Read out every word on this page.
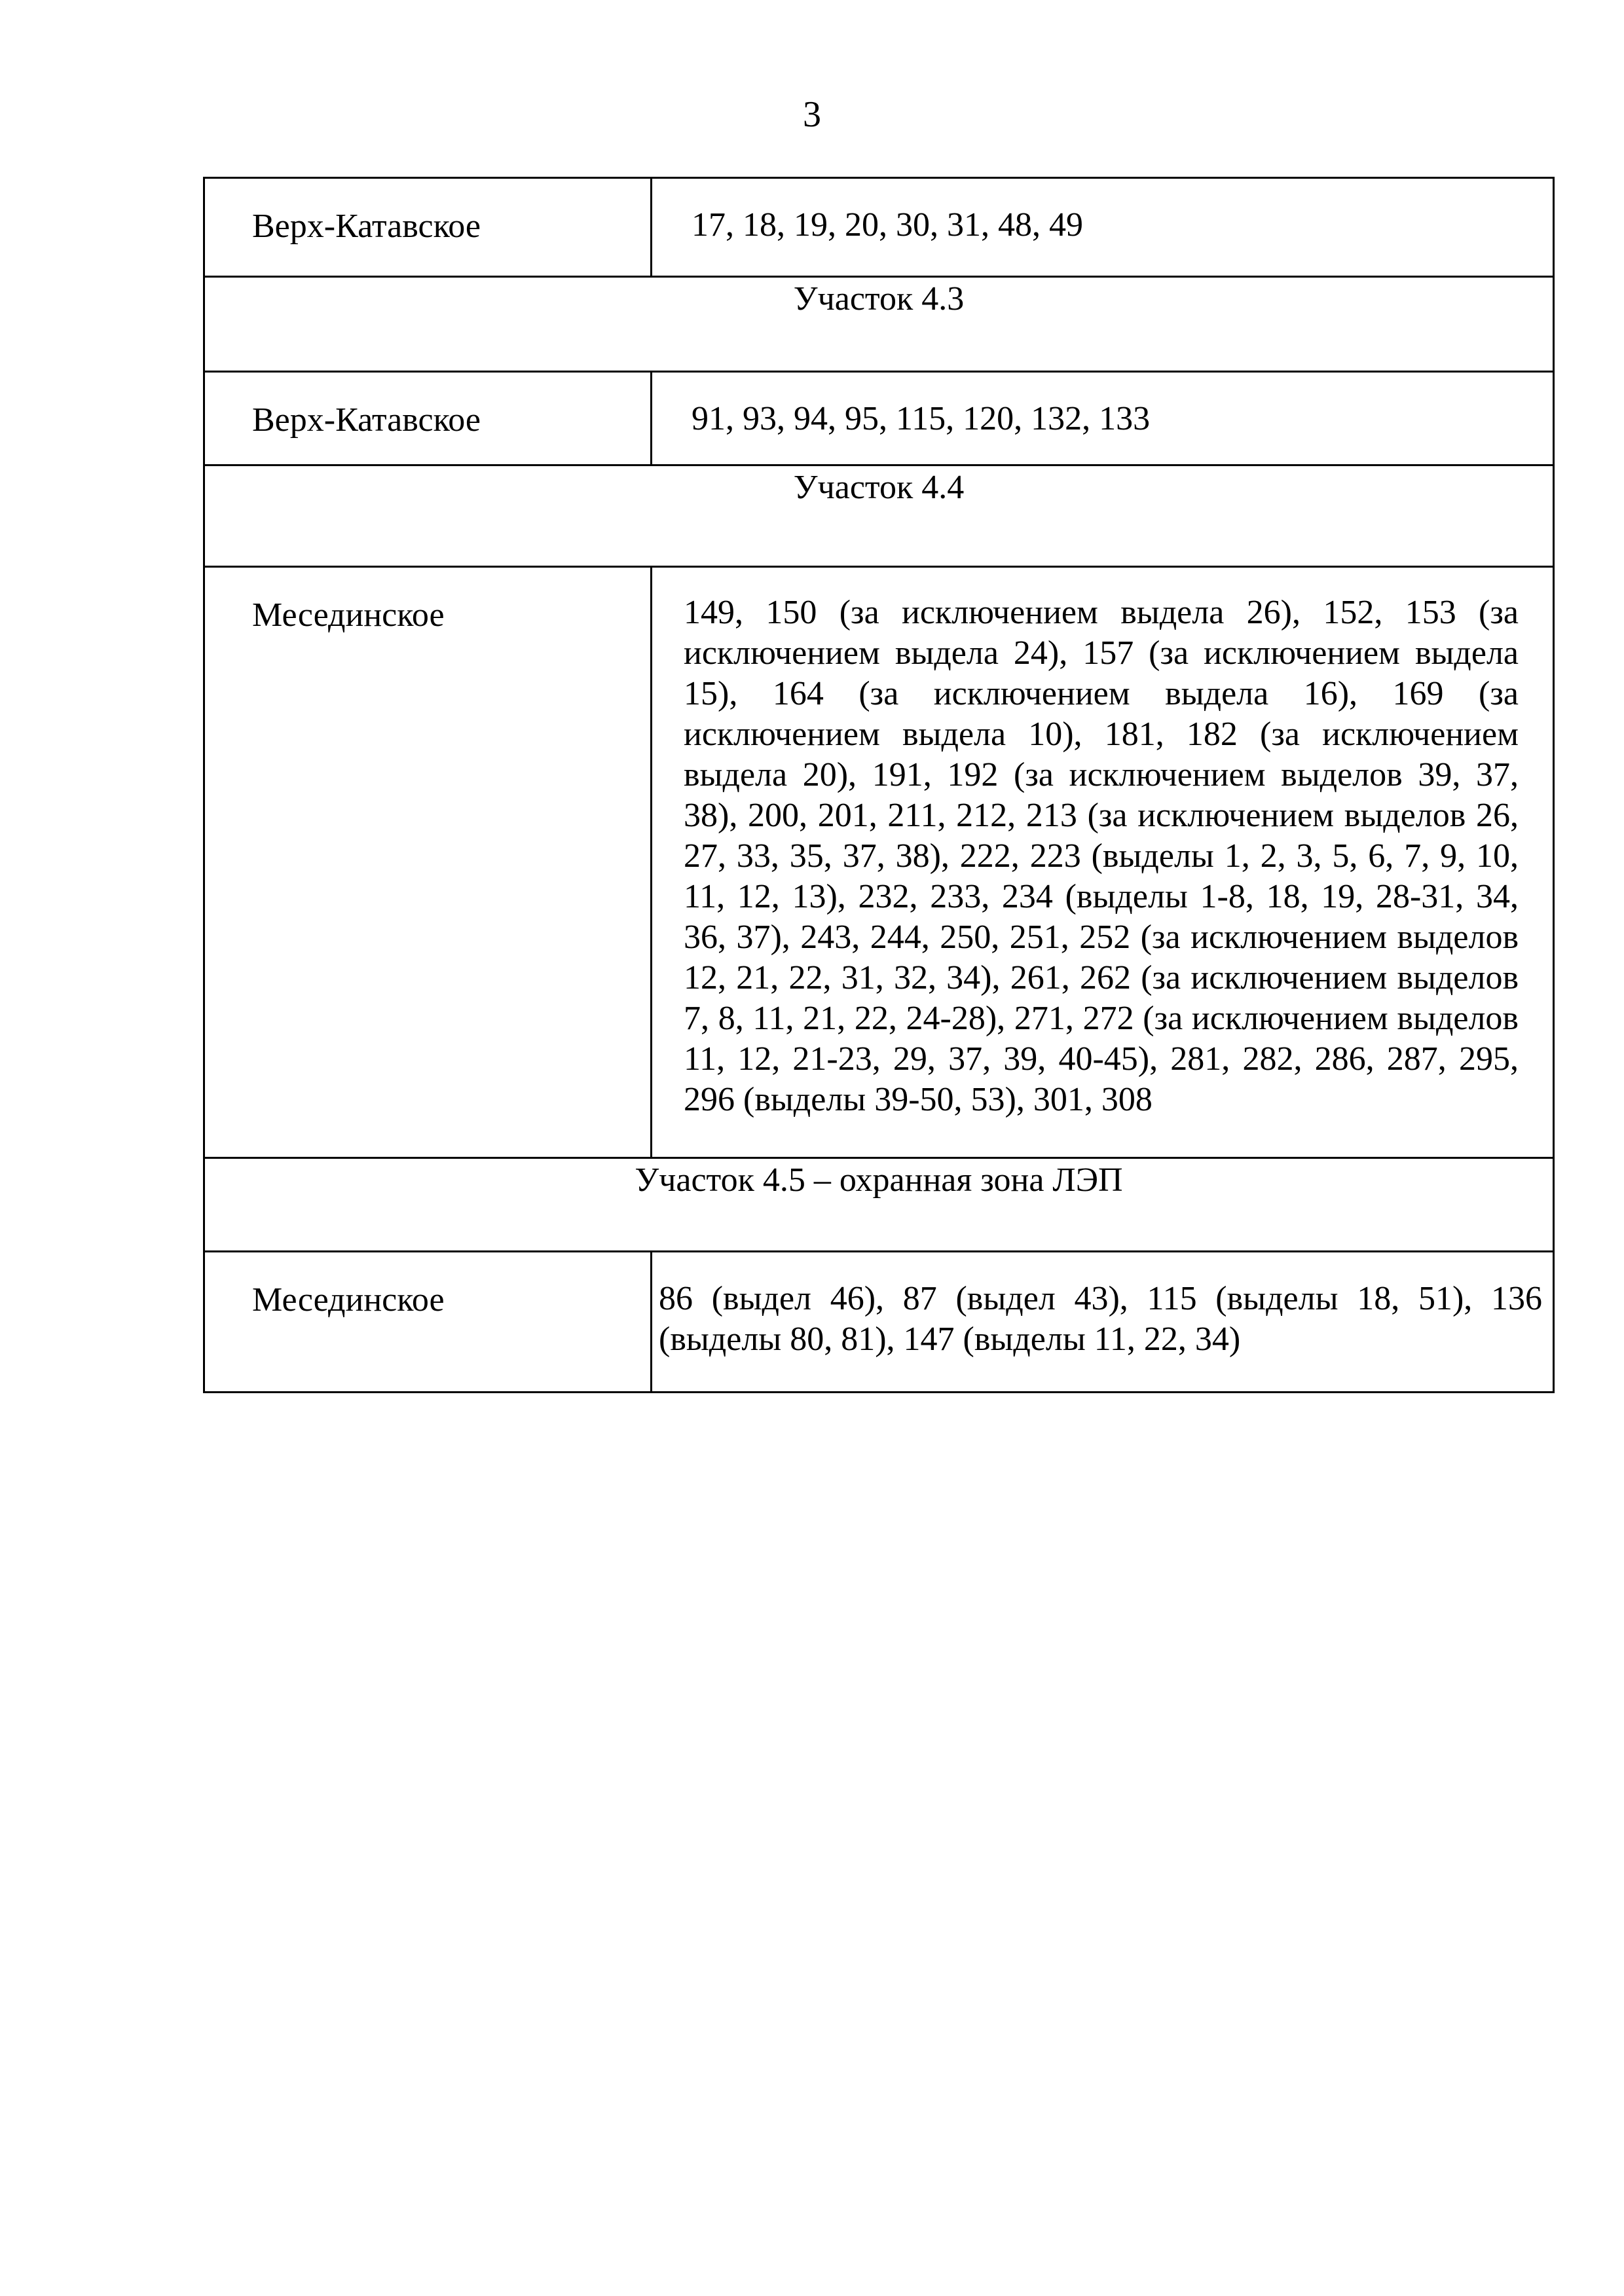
3
Верх-Катавское	17, 18, 19, 20, 30, 31, 48, 49

Участок 4.3	

Верх-Катавское	91, 93, 94, 95, 115, 120, 132, 133

Участок 4.4	

Месединское	149, 150 (за исключением выдела 26), 152, 153 (за исключением выдела 24), 157 (за исключением выдела 15), 164 (за исключением выдела 16), 169 (за исключением выдела 10), 181, 182 (за исключением выдела 20), 191, 192 (за исключением выделов 39, 37, 38), 200, 201, 211, 212, 213 (за исключением выделов 26, 27, 33, 35, 37, 38), 222, 223 (выделы 1, 2, 3, 5, 6, 7, 9, 10, 11, 12, 13), 232, 233, 234 (выделы 1-8, 18, 19, 28-31, 34, 36, 37), 243, 244, 250, 251, 252 (за исключением выделов 12, 21, 22, 31, 32, 34), 261, 262 (за исключением выделов 7, 8, 11, 21, 22, 24-28), 271, 272 (за исключением выделов 11, 12, 21-23, 29, 37, 39, 40-45), 281, 282, 286, 287, 295, 296 (выделы 39-50, 53), 301, 308

Участок 4.5 – охранная зона ЛЭП	

Месединское	86 (выдел 46), 87 (выдел 43), 115 (выделы 18, 51), 136 (выделы 80, 81), 147 (выделы 11, 22, 34)
